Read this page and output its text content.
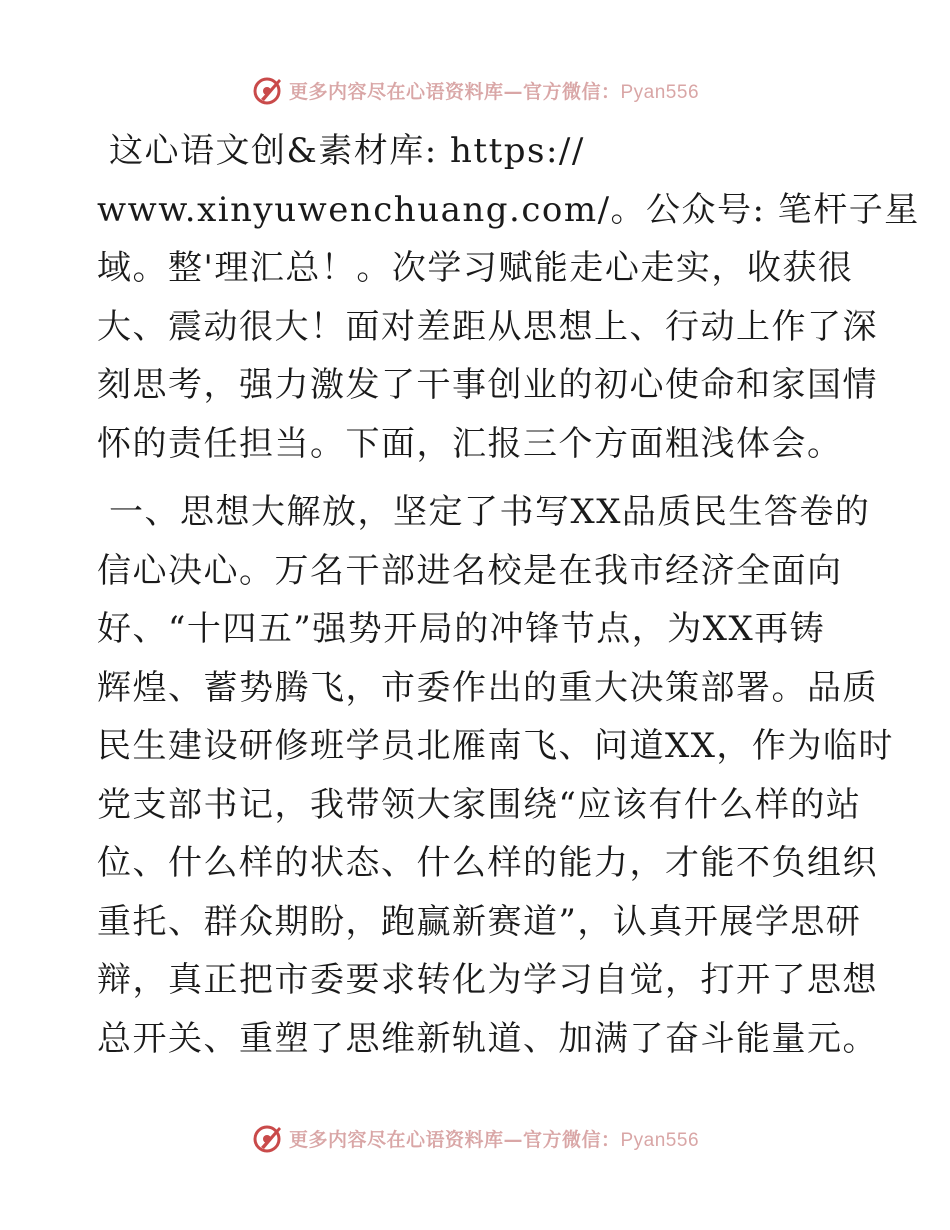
更多内容尽在心语资料库—官方微信：Pyan556
这心语文创&素材库: https://
www.xinyuwenchuang.com/。公众号: 笔杆子星
域。整'理汇总！。次学习赋能走心走实，收获很
大、震动很大！面对差距从思想上、行动上作了深
刻思考，强力激发了干事创业的初心使命和家国情
怀的责任担当。下面，汇报三个方面粗浅体会。
一、思想大解放，坚定了书写XX品质民生答卷的
信心决心。万名干部进名校是在我市经济全面向
好、“十四五”强势开局的冲锋节点，为XX再铸
辉煌、蓄势腾飞，市委作出的重大决策部署。品质
民生建设研修班学员北雁南飞、问道XX，作为临时
党支部书记，我带领大家围绕“应该有什么样的站
位、什么样的状态、什么样的能力，才能不负组织
重托、群众期盼，跑赢新赛道”，认真开展学思研
辩，真正把市委要求转化为学习自觉，打开了思想
总开关、重塑了思维新轨道、加满了奋斗能量元。
更多内容尽在心语资料库—官方微信：Pyan556
